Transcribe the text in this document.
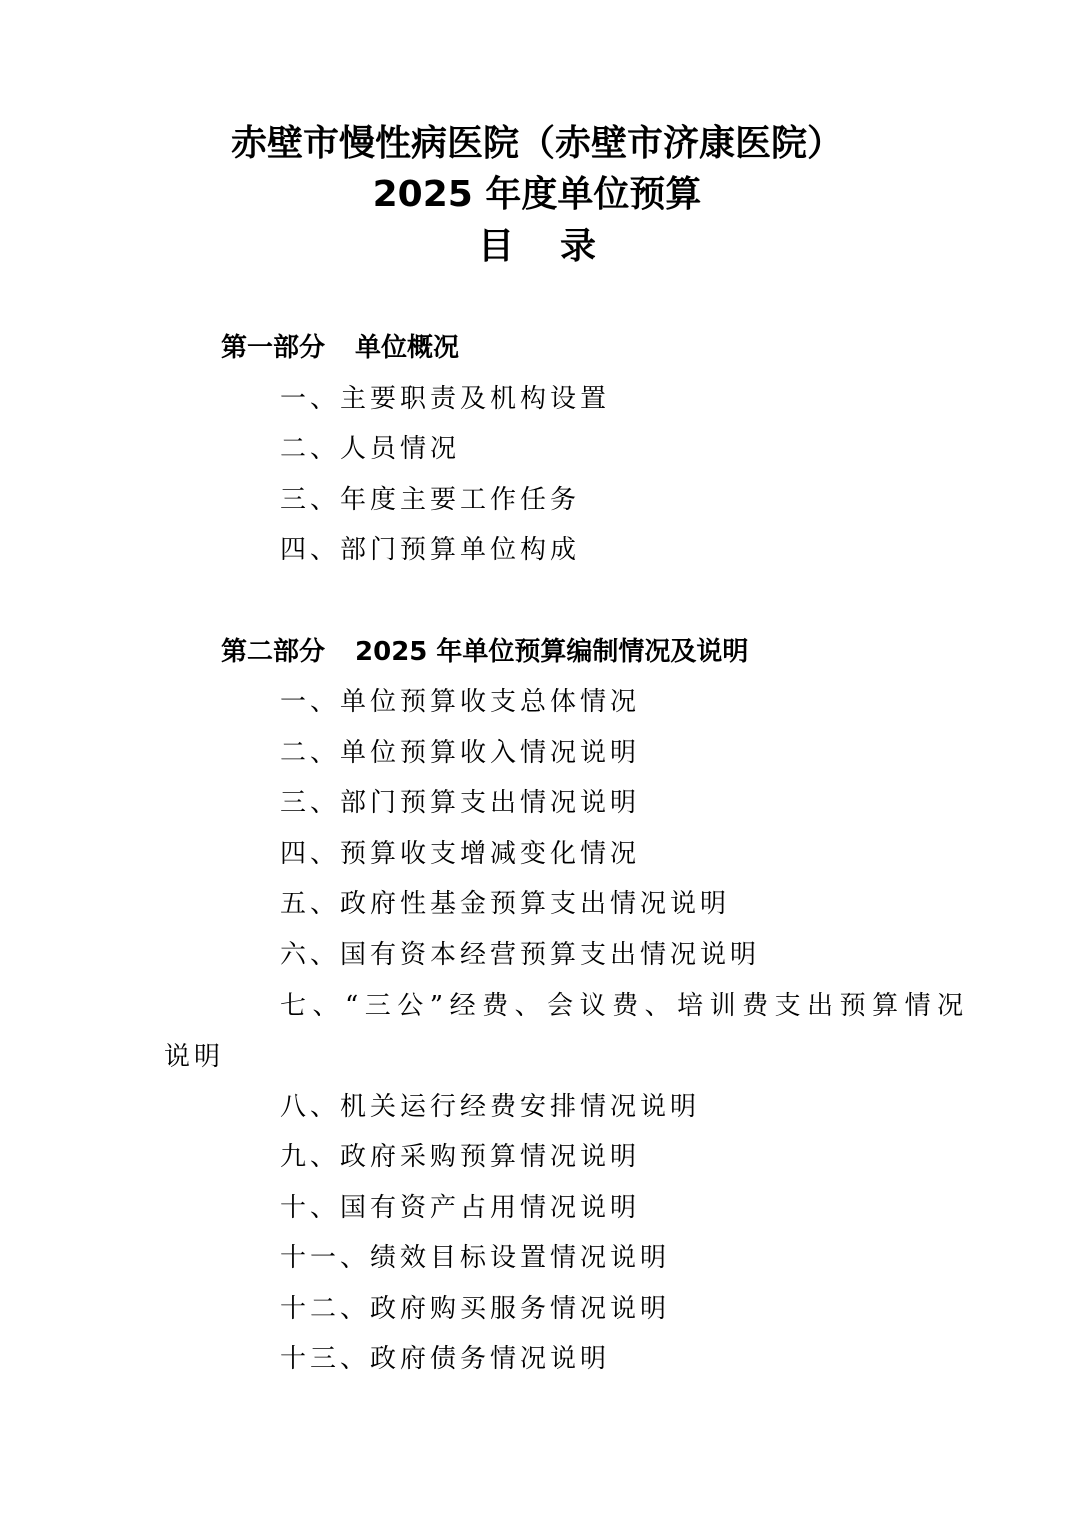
赤壁市慢性病医院（赤壁市济康医院）
2025 年度单位预算
目 录
第一部分 单位概况
一、主要职责及机构设置
二、人员情况
三、年度主要工作任务
四、部门预算单位构成
第二部分 2025 年单位预算编制情况及说明
一、单位预算收支总体情况
二、单位预算收入情况说明
三、部门预算支出情况说明
四、预算收支增减变化情况
五、政府性基金预算支出情况说明
六、国有资本经营预算支出情况说明
七、“三公”经费、会议费、培训费支出预算情况
说明
八、机关运行经费安排情况说明
九、政府采购预算情况说明
十、国有资产占用情况说明
十一、绩效目标设置情况说明
十二、政府购买服务情况说明
十三、政府债务情况说明
